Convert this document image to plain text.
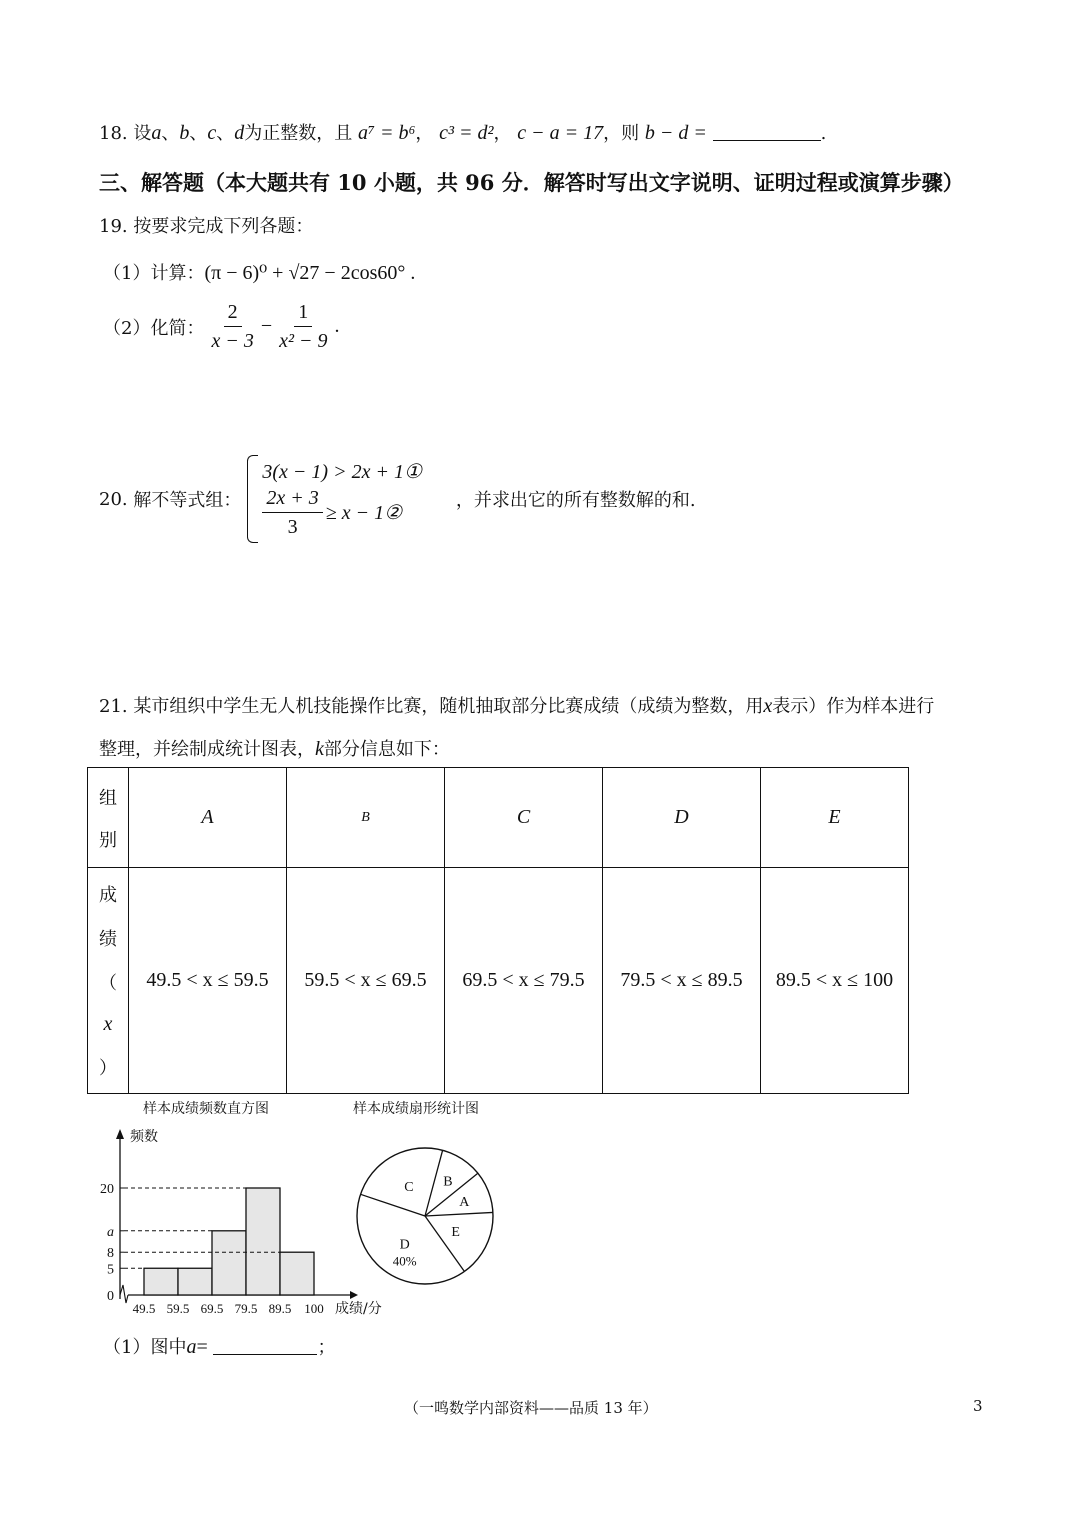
18. 设a、b、c、d为正整数，且 a⁷ = b⁶， c³ = d²， c − a = 17，则 b − d =	.
三、解答题（本大题共有 10 小题，共 96 分．解答时写出文字说明、证明过程或演算步骤）
19. 按要求完成下列各题：
（1）计算：(π − 6)⁰ + √27 − 2cos60° .
（2）化简： $\frac{2}{x - 3} - \frac{1}{\text{x² − 9}}$ .
20.
解不等式组：
3(x − 1) > 2x + 1①
$\frac{2x + 3}{3} \ge x$ − 1②
，并求出它的所有整数解的和.
21. 某市组织中学生无人机技能操作比赛，随机抽取部分比赛成绩（成绩为整数，用x表示）作为样本进行
整理，并绘制成统计图表，k部分信息如下：
组
别	A	B	C	D	E

成
绩
（
x
）	49.5 < x ≤ 59.5	59.5 < x ≤ 69.5	69.5 < x ≤ 79.5	79.5 < x ≤ 89.5	89.5 < x ≤ 100
样本成绩频数直方图	样本成绩扇形统计图
频数
成绩/分
0
5
8
a
20
49.5 59.5 69.5 79.5 89.5 100
B
A
E
D
40%
C
（1）图中a=	；
（一鸣数学内部资料——品质 13 年）	3
